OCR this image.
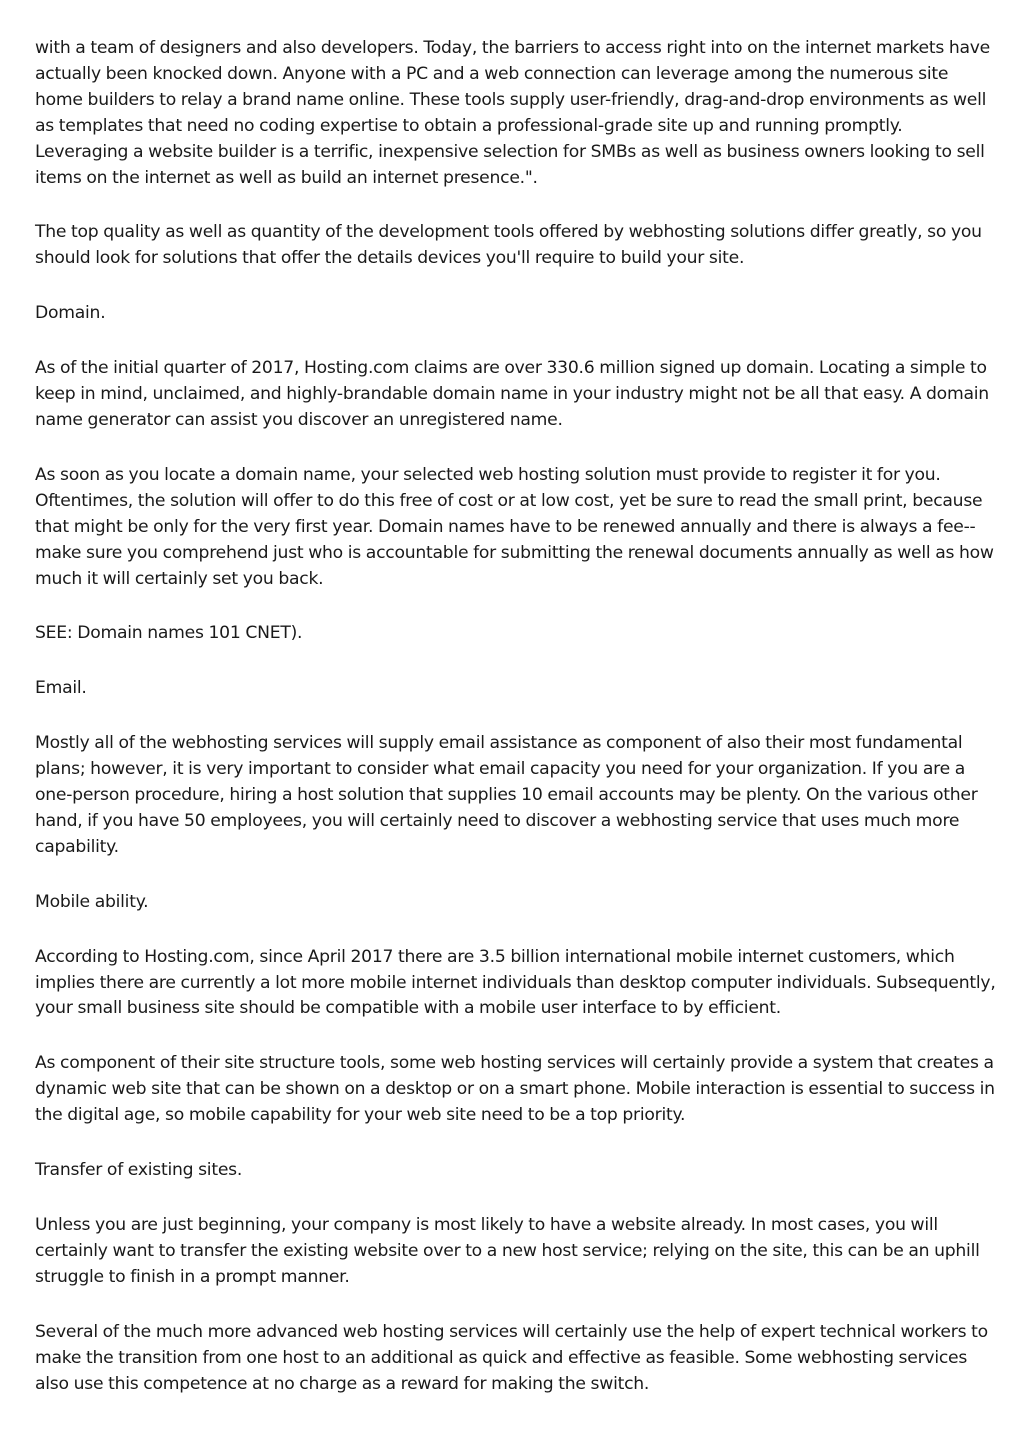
with a team of designers and also developers. Today, the barriers to access right into on the internet markets have actually been knocked down. Anyone with a PC and a web connection can leverage among the numerous site home builders to relay a brand name online. These tools supply user-friendly, drag-and-drop environments as well as templates that need no coding expertise to obtain a professional-grade site up and running promptly. Leveraging a website builder is a terrific, inexpensive selection for SMBs as well as business owners looking to sell items on the internet as well as build an internet presence.".

The top quality as well as quantity of the development tools offered by webhosting solutions differ greatly, so you should look for solutions that offer the details devices you'll require to build your site.

Domain.

As of the initial quarter of 2017, Hosting.com claims are over 330.6 million signed up domain. Locating a simple to keep in mind, unclaimed, and highly-brandable domain name in your industry might not be all that easy. A domain name generator can assist you discover an unregistered name.

As soon as you locate a domain name, your selected web hosting solution must provide to register it for you. Oftentimes, the solution will offer to do this free of cost or at low cost, yet be sure to read the small print, because that might be only for the very first year. Domain names have to be renewed annually and there is always a fee-- make sure you comprehend just who is accountable for submitting the renewal documents annually as well as how much it will certainly set you back.

SEE: Domain names 101 CNET).

Email.

Mostly all of the webhosting services will supply email assistance as component of also their most fundamental plans; however, it is very important to consider what email capacity you need for your organization. If you are a one-person procedure, hiring a host solution that supplies 10 email accounts may be plenty. On the various other hand, if you have 50 employees, you will certainly need to discover a webhosting service that uses much more capability.

Mobile ability.

According to Hosting.com, since April 2017 there are 3.5 billion international mobile internet customers, which implies there are currently a lot more mobile internet individuals than desktop computer individuals. Subsequently, your small business site should be compatible with a mobile user interface to by efficient.

As component of their site structure tools, some web hosting services will certainly provide a system that creates a dynamic web site that can be shown on a desktop or on a smart phone. Mobile interaction is essential to success in the digital age, so mobile capability for your web site need to be a top priority.

Transfer of existing sites.

Unless you are just beginning, your company is most likely to have a website already. In most cases, you will certainly want to transfer the existing website over to a new host service; relying on the site, this can be an uphill struggle to finish in a prompt manner.

Several of the much more advanced web hosting services will certainly use the help of expert technical workers to make the transition from one host to an additional as quick and effective as feasible. Some webhosting services also use this competence at no charge as a reward for making the switch.
